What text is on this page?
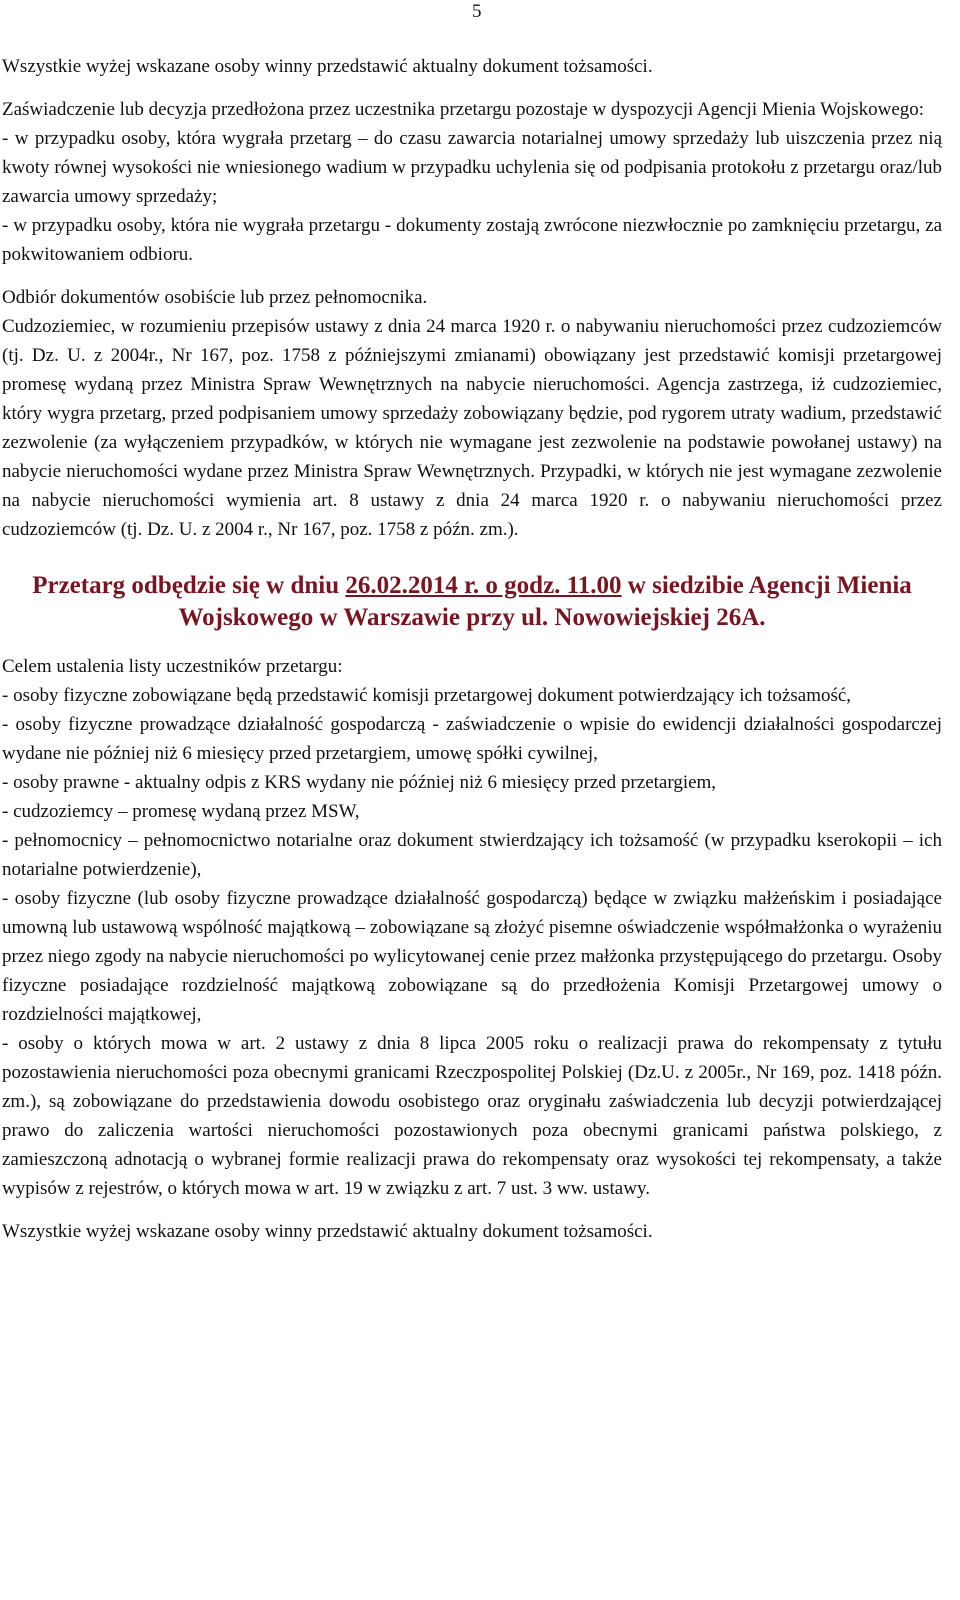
5

Wszystkie wyżej wskazane osoby winny przedstawić aktualny dokument tożsamości.

Zaświadczenie lub decyzja przedłożona przez uczestnika przetargu pozostaje w dyspozycji Agencji Mienia Wojskowego:

- w przypadku osoby, która wygrała przetarg – do czasu zawarcia notarialnej umowy sprzedaży lub uiszczenia przez nią kwoty równej wysokości nie wniesionego wadium w przypadku uchylenia się od podpisania protokołu z przetargu oraz/lub zawarcia umowy sprzedaży;

- w przypadku osoby, która nie wygrała przetargu - dokumenty zostają zwrócone niezwłocznie po zamknięciu przetargu, za pokwitowaniem odbioru.

Odbiór dokumentów osobiście lub przez pełnomocnika.

Cudzoziemiec, w rozumieniu przepisów ustawy z dnia 24 marca 1920 r. o nabywaniu nieruchomości przez cudzoziemców (tj. Dz. U. z 2004r., Nr 167, poz. 1758 z późniejszymi zmianami) obowiązany jest przedstawić komisji przetargowej promesę wydaną przez Ministra Spraw Wewnętrznych na nabycie nieruchomości. Agencja zastrzega, iż cudzoziemiec, który wygra przetarg, przed podpisaniem umowy sprzedaży zobowiązany będzie, pod rygorem utraty wadium, przedstawić zezwolenie (za wyłączeniem przypadków, w których nie wymagane jest zezwolenie na podstawie powołanej ustawy) na nabycie nieruchomości wydane przez Ministra Spraw Wewnętrznych. Przypadki, w których nie jest wymagane zezwolenie na nabycie nieruchomości wymienia art. 8 ustawy z dnia 24 marca 1920 r. o nabywaniu nieruchomości przez cudzoziemców (tj. Dz. U. z 2004 r., Nr 167, poz. 1758 z późn. zm.).

Przetarg odbędzie się w dniu 26.02.2014 r. o godz. 11.00 w siedzibie Agencji Mienia Wojskowego w Warszawie przy ul. Nowowiejskiej 26A.

Celem ustalenia listy uczestników przetargu:

- osoby fizyczne zobowiązane będą przedstawić komisji przetargowej dokument potwierdzający ich tożsamość,

- osoby fizyczne prowadzące działalność gospodarczą - zaświadczenie o wpisie do ewidencji działalności gospodarczej wydane nie później niż 6 miesięcy przed przetargiem, umowę spółki cywilnej,

- osoby prawne - aktualny odpis z KRS wydany nie później niż 6 miesięcy przed przetargiem,

- cudzoziemcy – promesę wydaną przez MSW,

- pełnomocnicy – pełnomocnictwo notarialne oraz dokument stwierdzający ich tożsamość (w przypadku kserokopii – ich notarialne potwierdzenie),

- osoby fizyczne (lub osoby fizyczne prowadzące działalność gospodarczą) będące w związku małżeńskim i posiadające umowną lub ustawową wspólność majątkową – zobowiązane są złożyć pisemne oświadczenie współmałżonka o wyrażeniu przez niego zgody na nabycie nieruchomości po wylicytowanej cenie przez małżonka przystępującego do przetargu. Osoby fizyczne posiadające rozdzielność majątkową zobowiązane są do przedłożenia Komisji Przetargowej umowy o rozdzielności majątkowej,

- osoby o których mowa w art. 2 ustawy z dnia 8 lipca 2005 roku o realizacji prawa do rekompensaty z tytułu pozostawienia nieruchomości poza obecnymi granicami Rzeczpospolitej Polskiej (Dz.U. z 2005r., Nr 169, poz. 1418 późn. zm.), są zobowiązane do przedstawienia dowodu osobistego oraz oryginału zaświadczenia lub decyzji potwierdzającej prawo do zaliczenia wartości nieruchomości pozostawionych poza obecnymi granicami państwa polskiego, z zamieszczoną adnotacją o wybranej formie realizacji prawa do rekompensaty oraz wysokości tej rekompensaty, a także wypisów z rejestrów, o których mowa w art. 19 w związku z art. 7 ust. 3 ww. ustawy.

Wszystkie wyżej wskazane osoby winny przedstawić aktualny dokument tożsamości.
